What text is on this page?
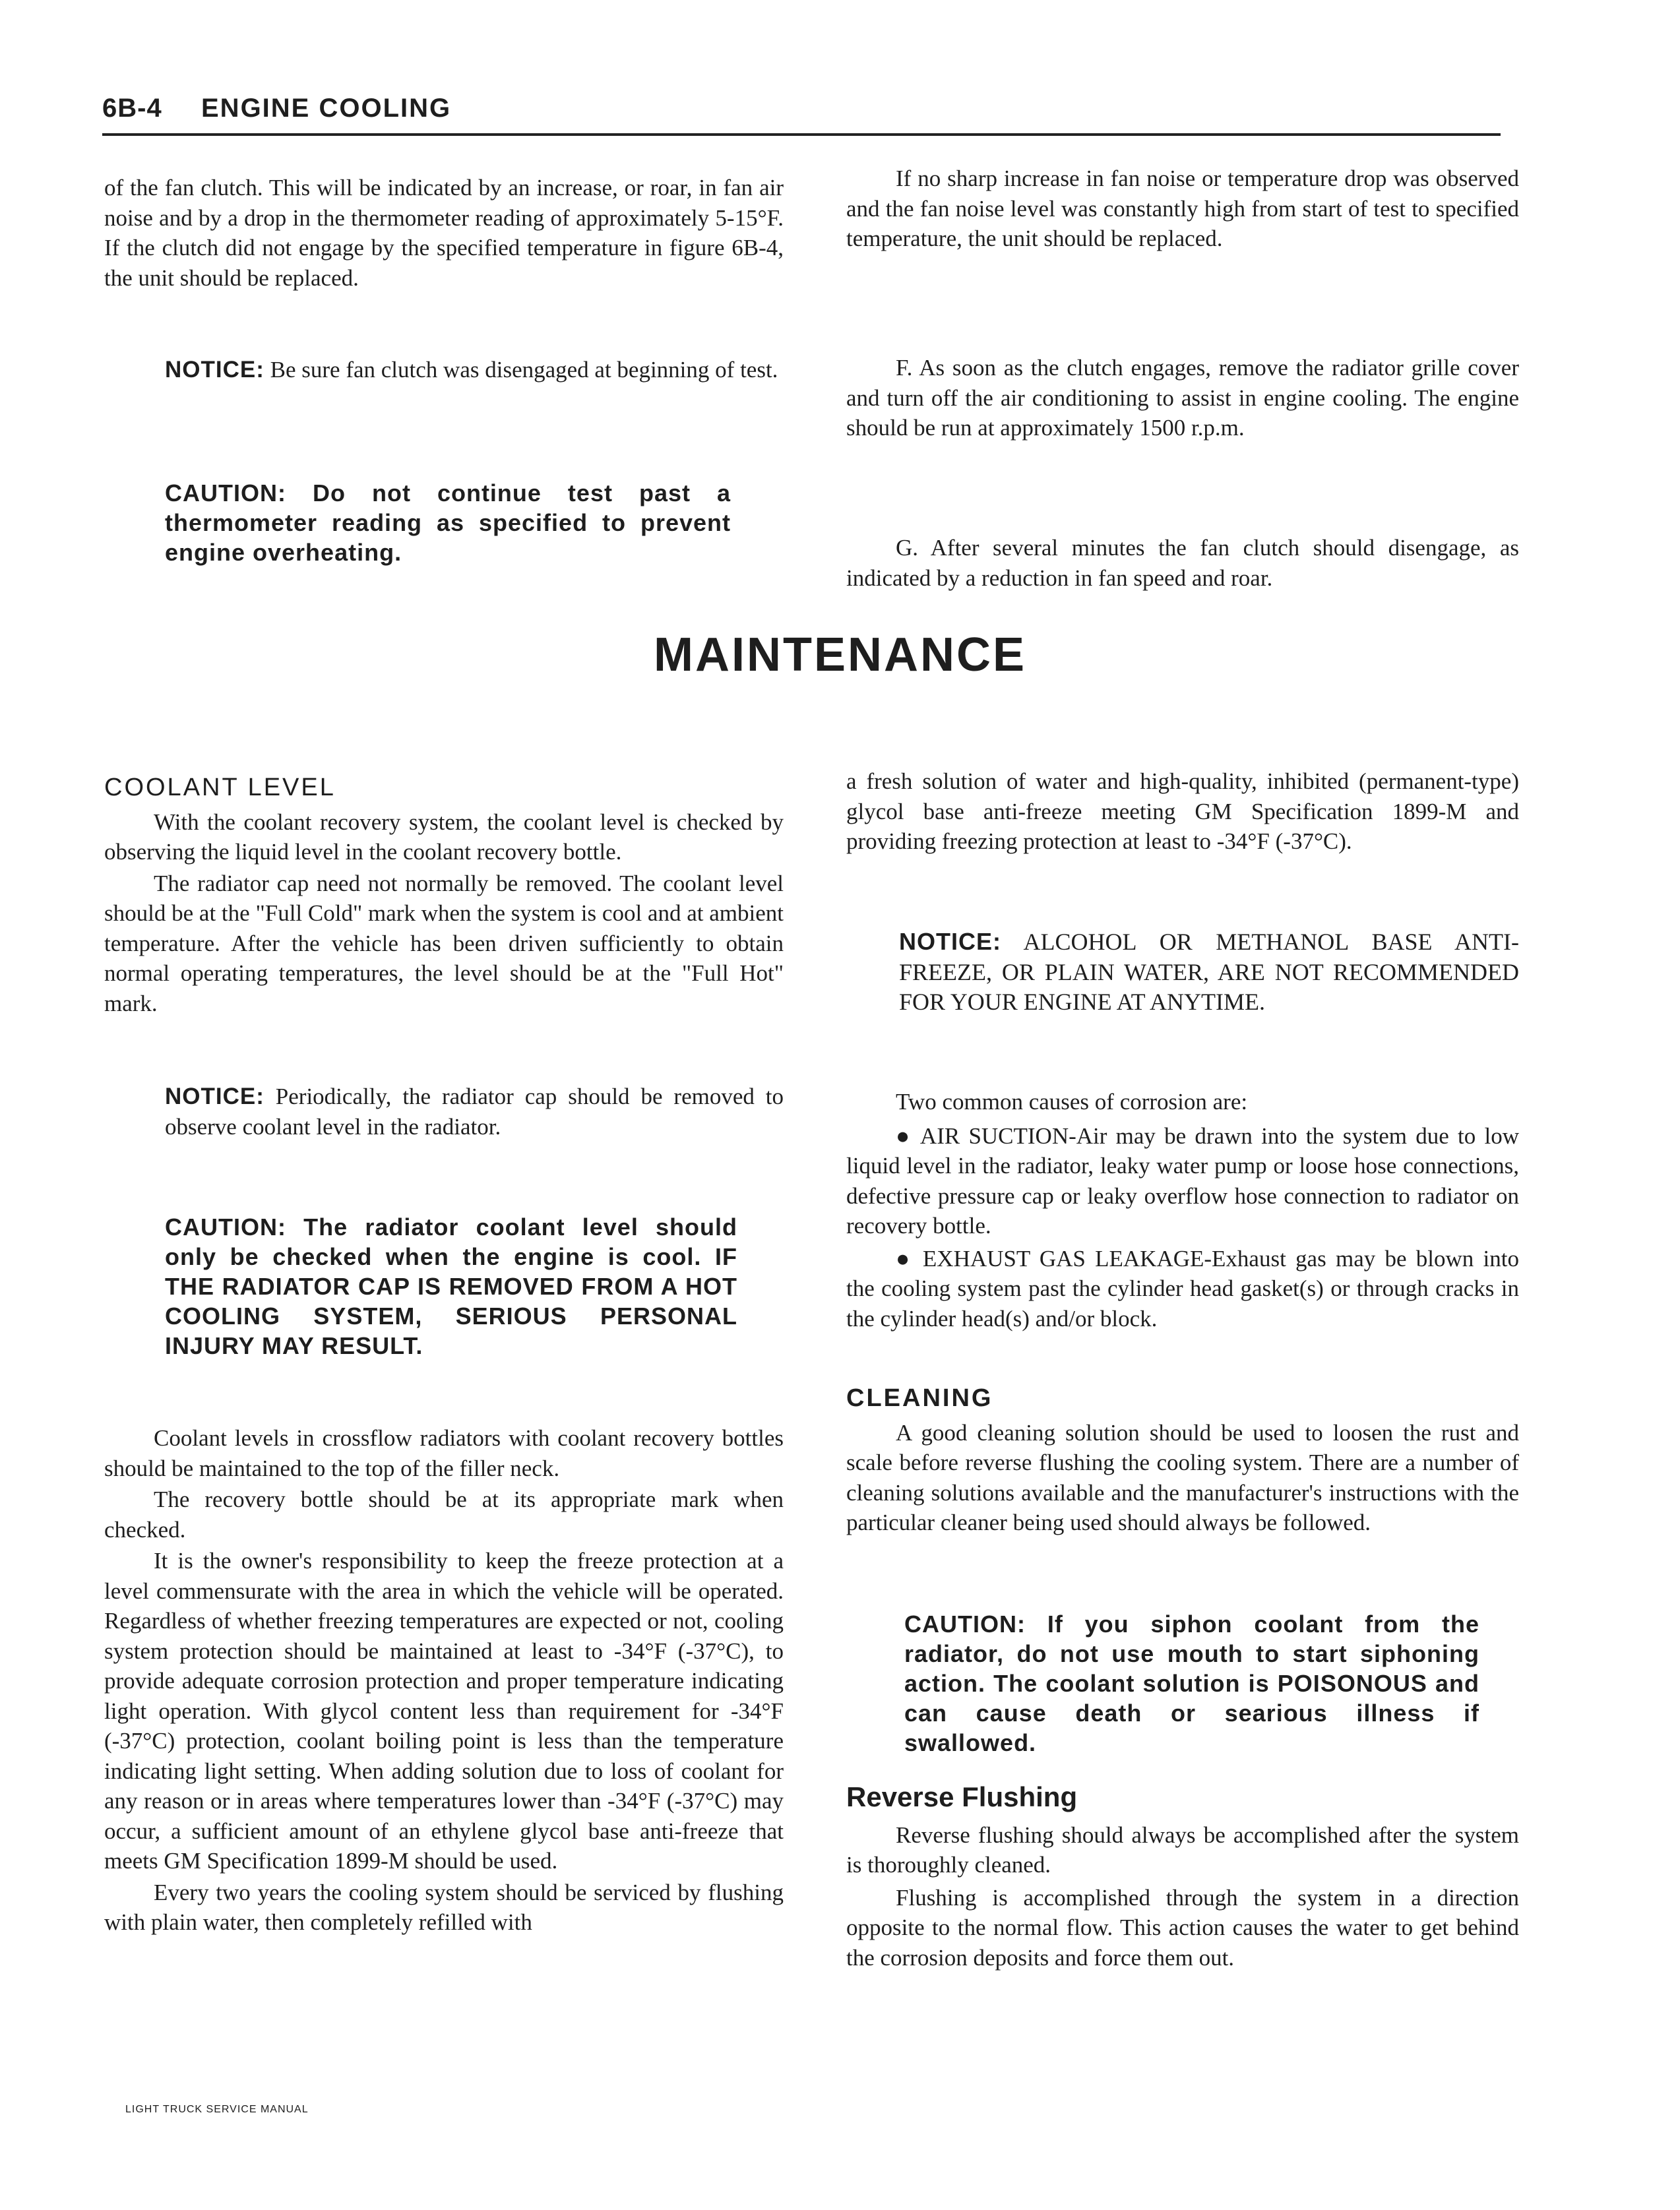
6B-4 ENGINE COOLING

of the fan clutch. This will be indicated by an increase, or roar, in fan air noise and by a drop in the thermometer reading of approximately 5-15°F. If the clutch did not engage by the specified temperature in figure 6B-4, the unit should be replaced.

NOTICE: Be sure fan clutch was disengaged at beginning of test.

CAUTION: Do not continue test past a thermometer reading as specified to prevent engine overheating.

MAINTENANCE

COOLANT LEVEL

With the coolant recovery system, the coolant level is checked by observing the liquid level in the coolant recovery bottle.

The radiator cap need not normally be removed. The coolant level should be at the "Full Cold" mark when the system is cool and at ambient temperature. After the vehicle has been driven sufficiently to obtain normal operating temperatures, the level should be at the "Full Hot" mark.

NOTICE: Periodically, the radiator cap should be removed to observe coolant level in the radiator.

CAUTION: The radiator coolant level should only be checked when the engine is cool. IF THE RADIATOR CAP IS REMOVED FROM A HOT COOLING SYSTEM, SERIOUS PERSONAL INJURY MAY RESULT.

Coolant levels in crossflow radiators with coolant recovery bottles should be maintained to the top of the filler neck.

The recovery bottle should be at its appropriate mark when checked.

It is the owner's responsibility to keep the freeze protection at a level commensurate with the area in which the vehicle will be operated. Regardless of whether freezing temperatures are expected or not, cooling system protection should be maintained at least to -34°F (-37°C), to provide adequate corrosion protection and proper temperature indicating light operation. With glycol content less than requirement for -34°F (-37°C) protection, coolant boiling point is less than the temperature indicating light setting. When adding solution due to loss of coolant for any reason or in areas where temperatures lower than -34°F (-37°C) may occur, a sufficient amount of an ethylene glycol base anti-freeze that meets GM Specification 1899-M should be used.

Every two years the cooling system should be serviced by flushing with plain water, then completely refilled with

If no sharp increase in fan noise or temperature drop was observed and the fan noise level was constantly high from start of test to specified temperature, the unit should be replaced.

F. As soon as the clutch engages, remove the radiator grille cover and turn off the air conditioning to assist in engine cooling. The engine should be run at approximately 1500 r.p.m.

G. After several minutes the fan clutch should disengage, as indicated by a reduction in fan speed and roar.

a fresh solution of water and high-quality, inhibited (permanent-type) glycol base anti-freeze meeting GM Specification 1899-M and providing freezing protection at least to -34°F (-37°C).

NOTICE: ALCOHOL OR METHANOL BASE ANTI-FREEZE, OR PLAIN WATER, ARE NOT RECOMMENDED FOR YOUR ENGINE AT ANYTIME.

Two common causes of corrosion are:

● AIR SUCTION-Air may be drawn into the system due to low liquid level in the radiator, leaky water pump or loose hose connections, defective pressure cap or leaky overflow hose connection to radiator on recovery bottle.

● EXHAUST GAS LEAKAGE-Exhaust gas may be blown into the cooling system past the cylinder head gasket(s) or through cracks in the cylinder head(s) and/or block.

CLEANING

A good cleaning solution should be used to loosen the rust and scale before reverse flushing the cooling system. There are a number of cleaning solutions available and the manufacturer's instructions with the particular cleaner being used should always be followed.

CAUTION: If you siphon coolant from the radiator, do not use mouth to start siphoning action. The coolant solution is POISONOUS and can cause death or searious illness if swallowed.

Reverse Flushing

Reverse flushing should always be accomplished after the system is thoroughly cleaned.

Flushing is accomplished through the system in a direction opposite to the normal flow. This action causes the water to get behind the corrosion deposits and force them out.

LIGHT TRUCK SERVICE MANUAL
